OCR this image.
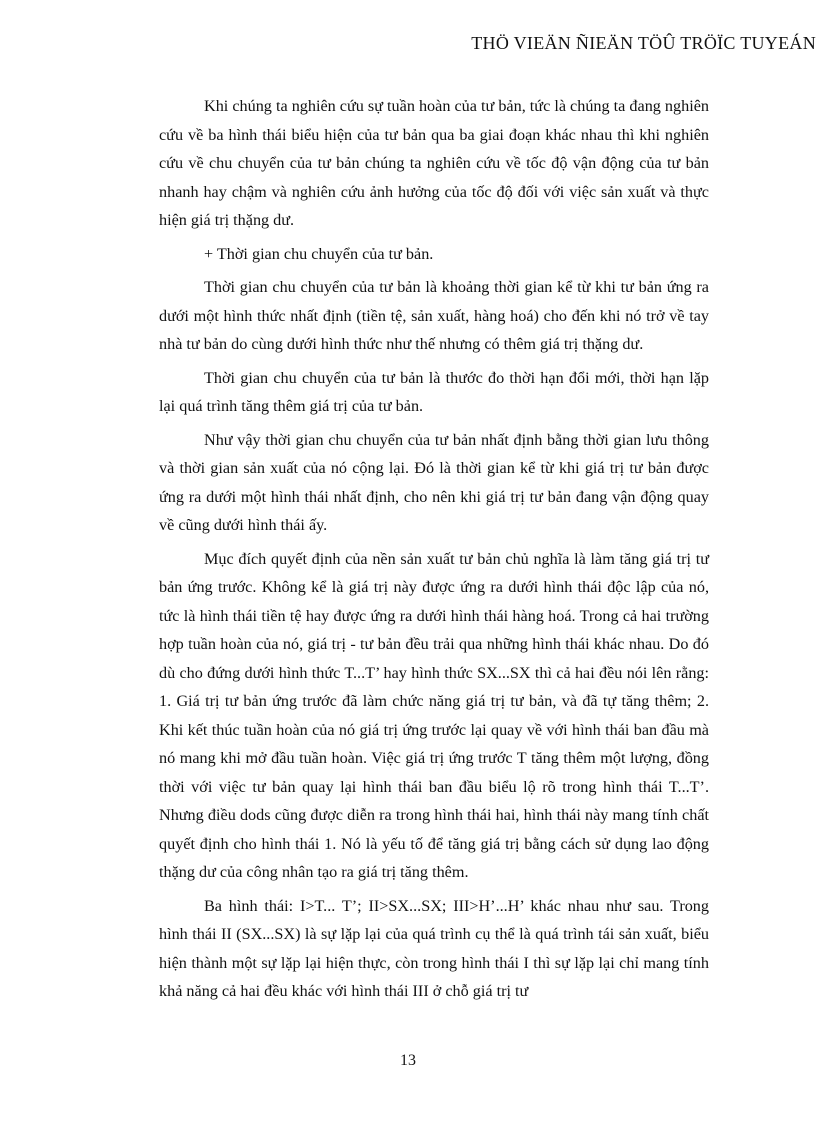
THÖ VIEÄN ÑIEÄN TÖÛ TRÖÏC TUYEÁN

Khi chúng ta nghiên cứu sự tuần hoàn của tư bản, tức là chúng ta đang nghiên cứu về ba hình thái biểu hiện của tư bản qua ba giai đoạn khác nhau thì khi nghiên cứu về chu chuyển của tư bản chúng ta nghiên cứu về tốc độ vận động của tư bản nhanh hay chậm và nghiên cứu ảnh hưởng của tốc độ đối với việc sản xuất và thực hiện giá trị thặng dư.

+ Thời gian chu chuyển của tư bản.

Thời gian chu chuyển của tư bản là khoảng thời gian kể từ khi tư bản ứng ra dưới một hình thức nhất định (tiền tệ, sản xuất, hàng hoá) cho đến khi nó trở về tay nhà tư bản do cùng dưới hình thức như thế nhưng có thêm giá trị thặng dư.

Thời gian chu chuyển của tư bản là thước đo thời hạn đổi mới, thời hạn lặp lại quá trình tăng thêm giá trị của tư bản.

Như vậy thời gian chu chuyển của tư bản nhất định bằng thời gian lưu thông và thời gian sản xuất của nó cộng lại. Đó là thời gian kể từ khi giá trị tư bản được ứng ra dưới một hình thái nhất định, cho nên khi giá trị tư bản đang vận động quay về cũng dưới hình thái ấy.

Mục đích quyết định của nền sản xuất tư bản chủ nghĩa là làm tăng giá trị tư bản ứng trước. Không kể là giá trị này được ứng ra dưới hình thái độc lập của nó, tức là hình thái tiền tệ hay được ứng ra dưới hình thái hàng hoá. Trong cả hai trường hợp tuần hoàn của nó, giá trị - tư bản đều trải qua những hình thái khác nhau. Do đó dù cho đứng dưới hình thức T...T’ hay hình thức SX...SX thì cả hai đều nói lên rằng: 1. Giá trị tư bản ứng trước đã làm chức năng giá trị tư bản, và đã tự tăng thêm; 2. Khi kết thúc tuần hoàn của nó giá trị ứng trước lại quay về với hình thái ban đầu mà nó mang khi mở đầu tuần hoàn. Việc giá trị ứng trước T tăng thêm một lượng, đồng thời với việc tư bản quay lại hình thái ban đầu biểu lộ rõ trong hình thái T...T’. Nhưng điều dods cũng được diễn ra trong hình thái hai, hình thái này mang tính chất quyết định cho hình thái 1. Nó là yếu tố để tăng giá trị bằng cách sử dụng lao động thặng dư của công nhân tạo ra giá trị tăng thêm.

Ba hình thái: I>T... T’; II>SX...SX; III>H’...H’ khác nhau như sau. Trong hình thái II (SX...SX) là sự lặp lại của quá trình cụ thể là quá trình tái sản xuất, biểu hiện thành một sự lặp lại hiện thực, còn trong hình thái I thì sự lặp lại chỉ mang tính khả năng cả hai đều khác với hình thái III ở chỗ giá trị tư

13
